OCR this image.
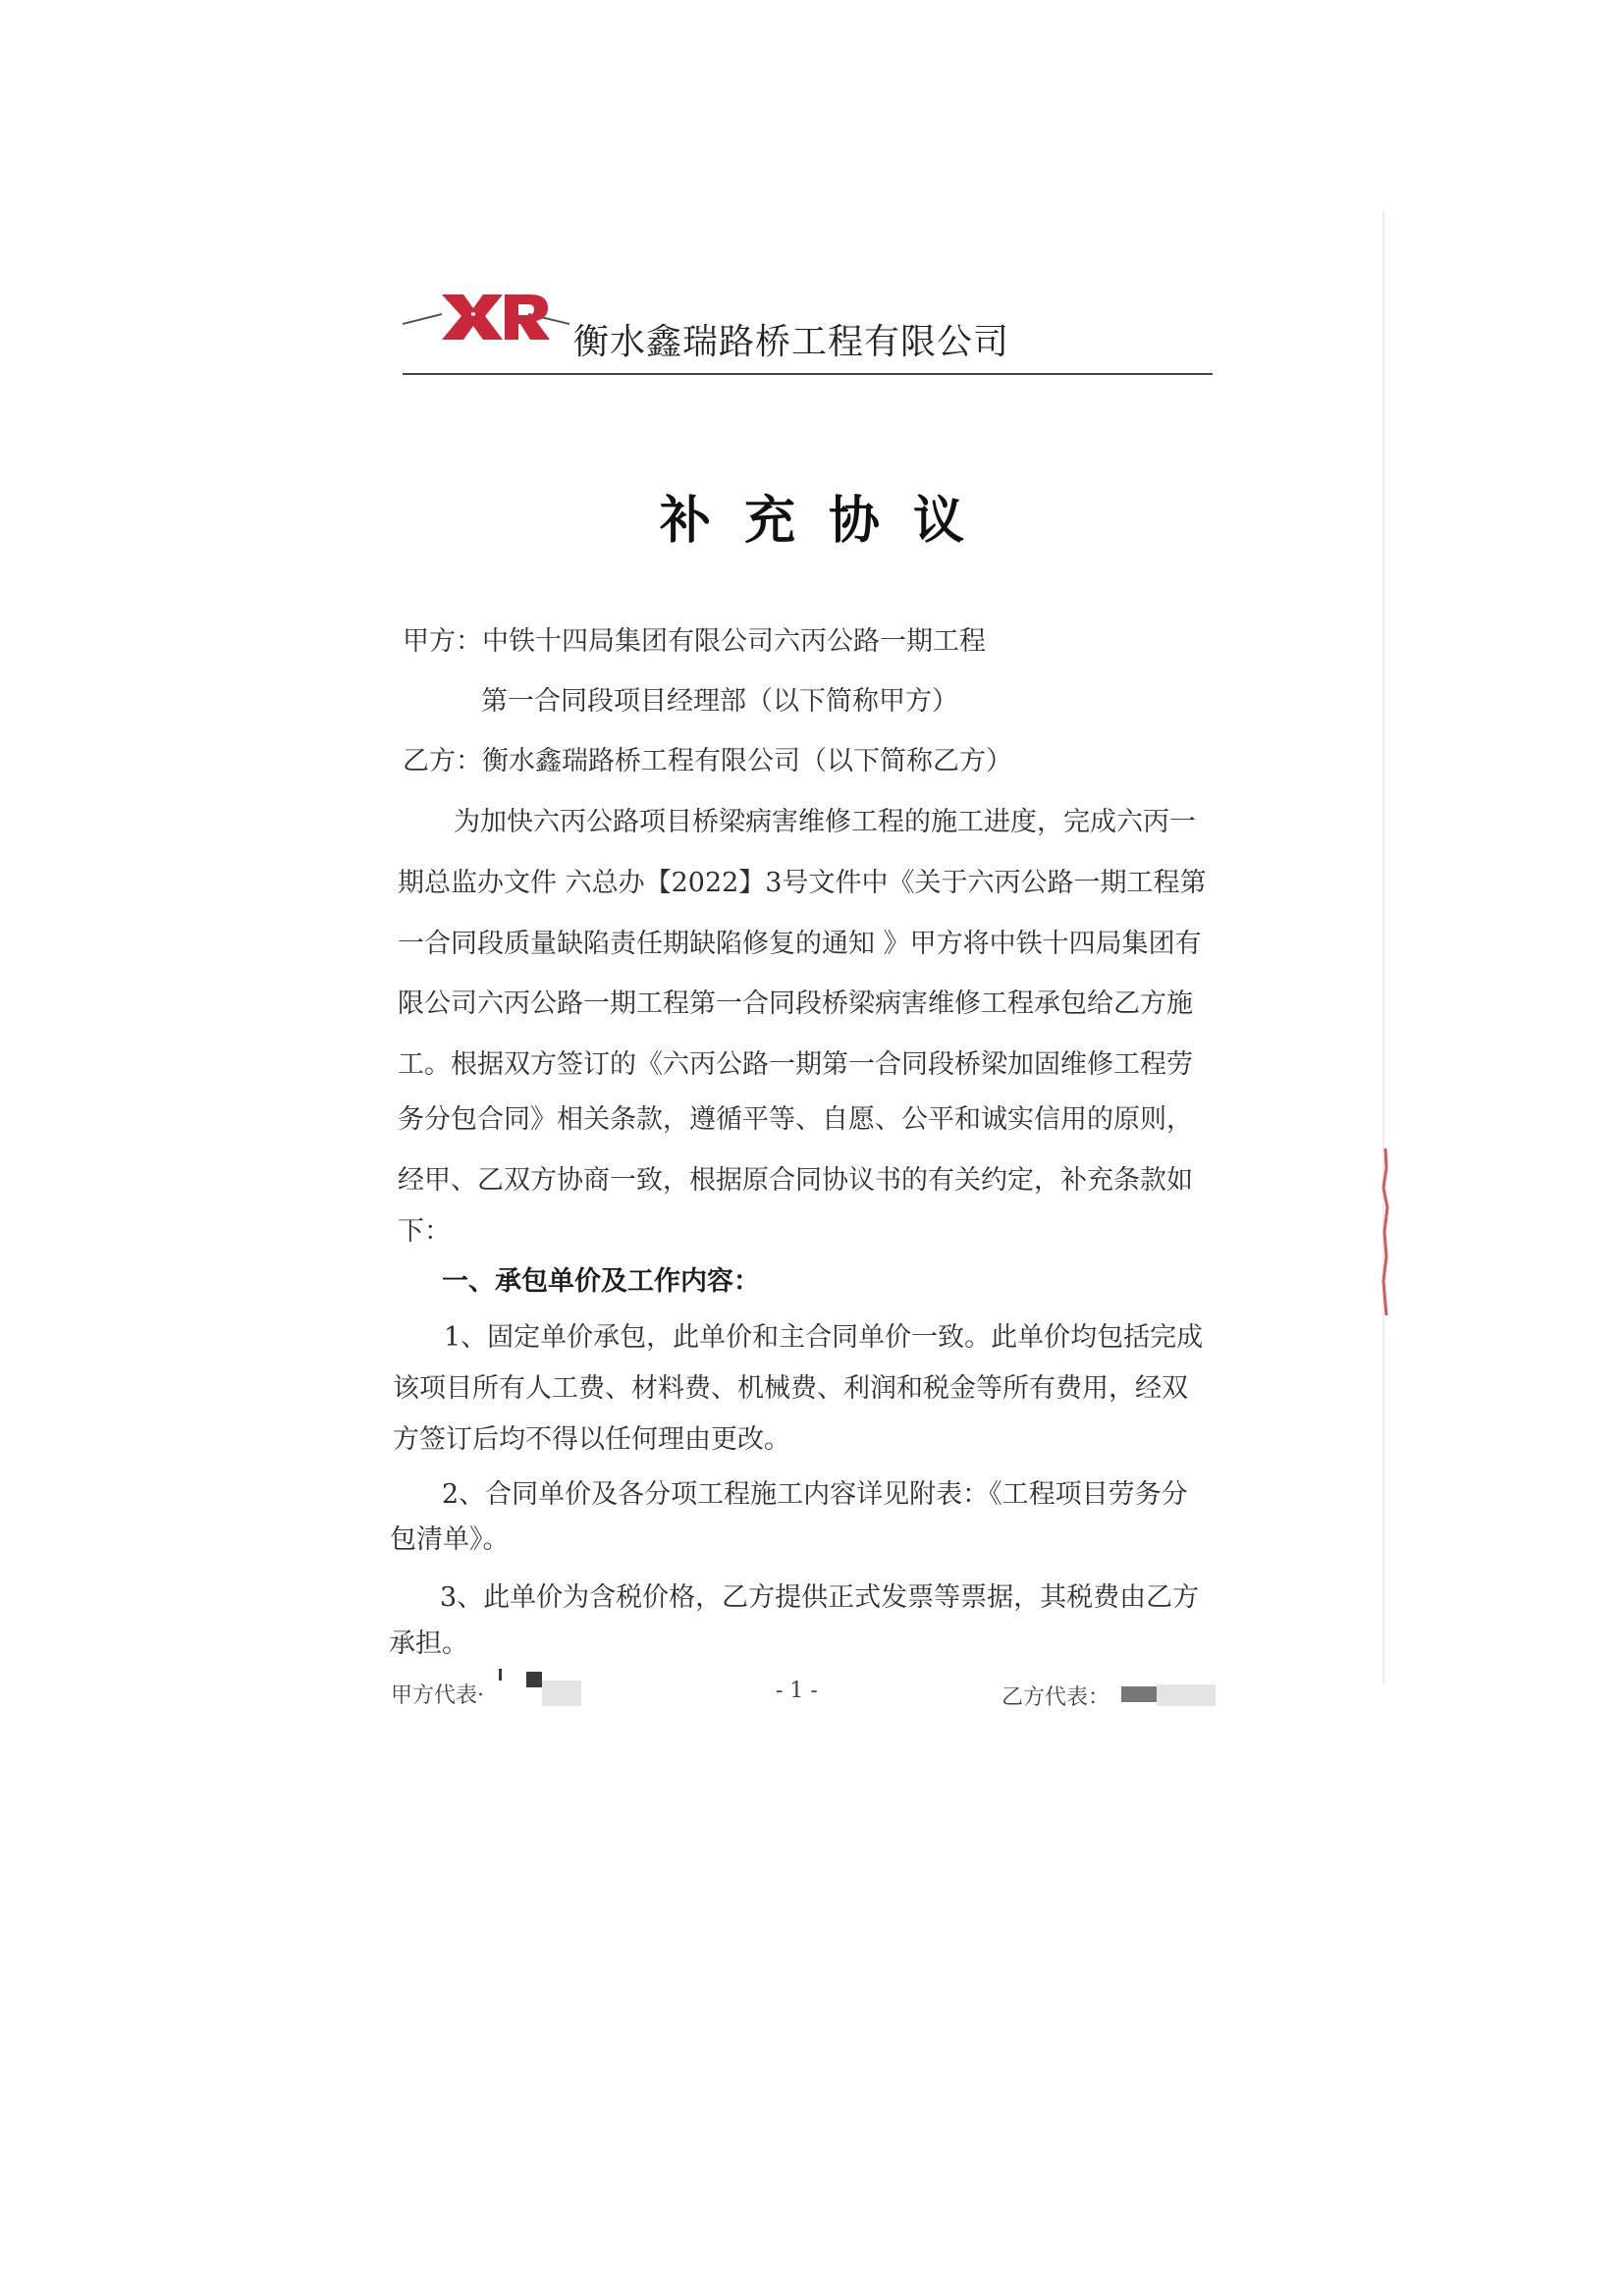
衡水鑫瑞路桥工程有限公司
补充协议
甲方：中铁十四局集团有限公司六丙公路一期工程
第一合同段项目经理部（以下简称甲方）
乙方：衡水鑫瑞路桥工程有限公司（以下简称乙方）
为加快六丙公路项目桥梁病害维修工程的施工进度，完成六丙一
期总监办文件 六总办【2022】3号文件中《关于六丙公路一期工程第
一合同段质量缺陷责任期缺陷修复的通知 》甲方将中铁十四局集团有
限公司六丙公路一期工程第一合同段桥梁病害维修工程承包给乙方施
工。根据双方签订的《六丙公路一期第一合同段桥梁加固维修工程劳
务分包合同》相关条款，遵循平等、自愿、公平和诚实信用的原则，
经甲、乙双方协商一致，根据原合同协议书的有关约定，补充条款如
下：
一、承包单价及工作内容：
1、固定单价承包，此单价和主合同单价一致。此单价均包括完成
该项目所有人工费、材料费、机械费、利润和税金等所有费用，经双
方签订后均不得以任何理由更改。
2、合同单价及各分项工程施工内容详见附表：《工程项目劳务分
包清单》。
3、此单价为含税价格，乙方提供正式发票等票据，其税费由乙方
承担。
甲方代表·	- 1 -	乙方代表：
